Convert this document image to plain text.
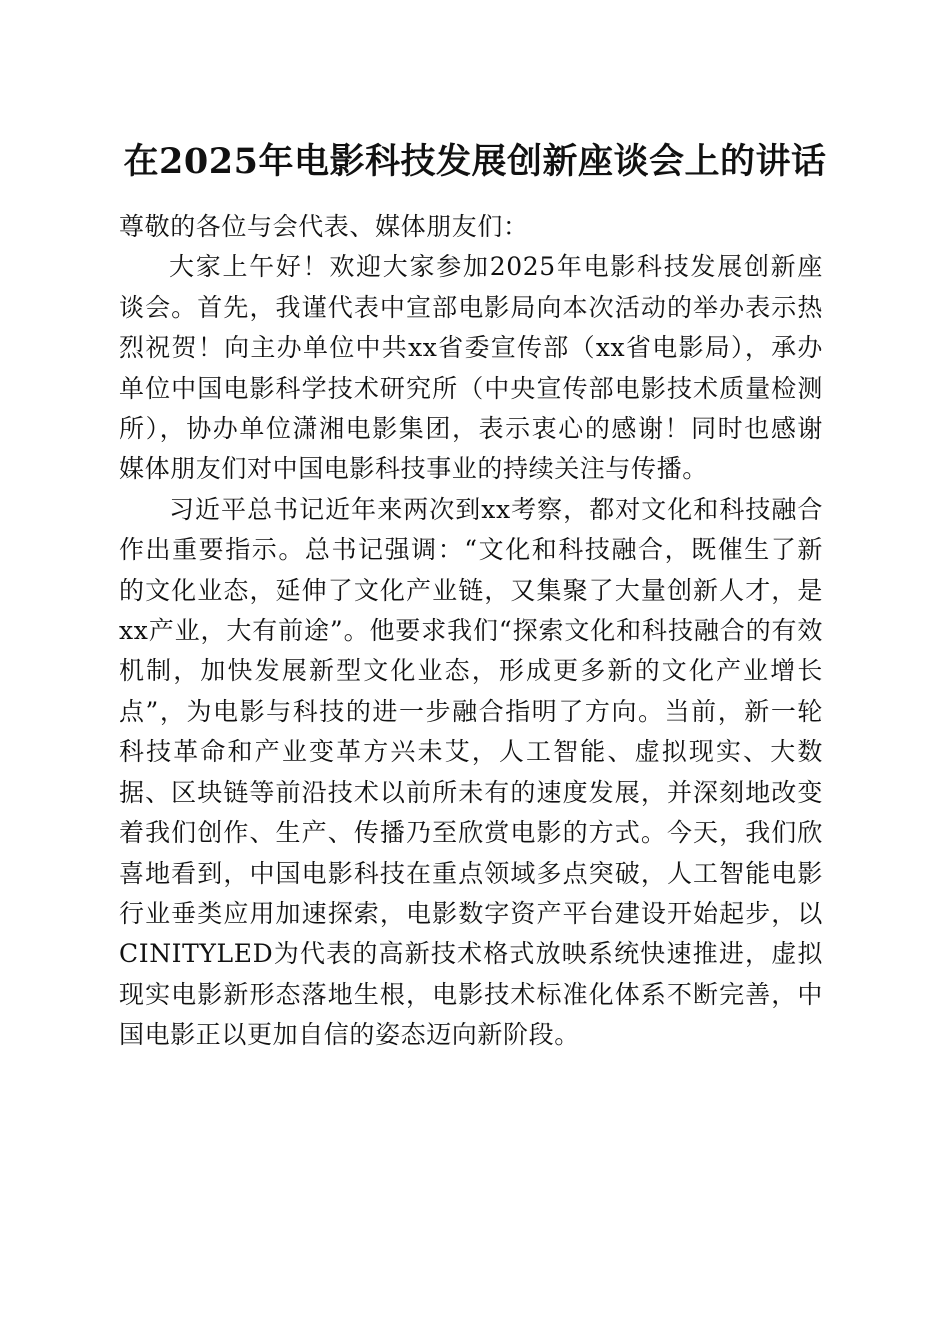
在2025年电影科技发展创新座谈会上的讲话

尊敬的各位与会代表、媒体朋友们：

大家上午好！欢迎大家参加2025年电影科技发展创新座谈会。首先，我谨代表中宣部电影局向本次活动的举办表示热烈祝贺！向主办单位中共xx省委宣传部（xx省电影局），承办单位中国电影科学技术研究所（中央宣传部电影技术质量检测所），协办单位潇湘电影集团，表示衷心的感谢！同时也感谢媒体朋友们对中国电影科技事业的持续关注与传播。

习近平总书记近年来两次到xx考察，都对文化和科技融合作出重要指示。总书记强调：“文化和科技融合，既催生了新的文化业态，延伸了文化产业链，又集聚了大量创新人才，是xx产业，大有前途”。他要求我们“探索文化和科技融合的有效机制，加快发展新型文化业态，形成更多新的文化产业增长点”，为电影与科技的进一步融合指明了方向。当前，新一轮科技革命和产业变革方兴未艾，人工智能、虚拟现实、大数据、区块链等前沿技术以前所未有的速度发展，并深刻地改变着我们创作、生产、传播乃至欣赏电影的方式。今天，我们欣喜地看到，中国电影科技在重点领域多点突破，人工智能电影行业垂类应用加速探索，电影数字资产平台建设开始起步，以CINITYLED为代表的高新技术格式放映系统快速推进，虚拟现实电影新形态落地生根，电影技术标准化体系不断完善，中国电影正以更加自信的姿态迈向新阶段。
